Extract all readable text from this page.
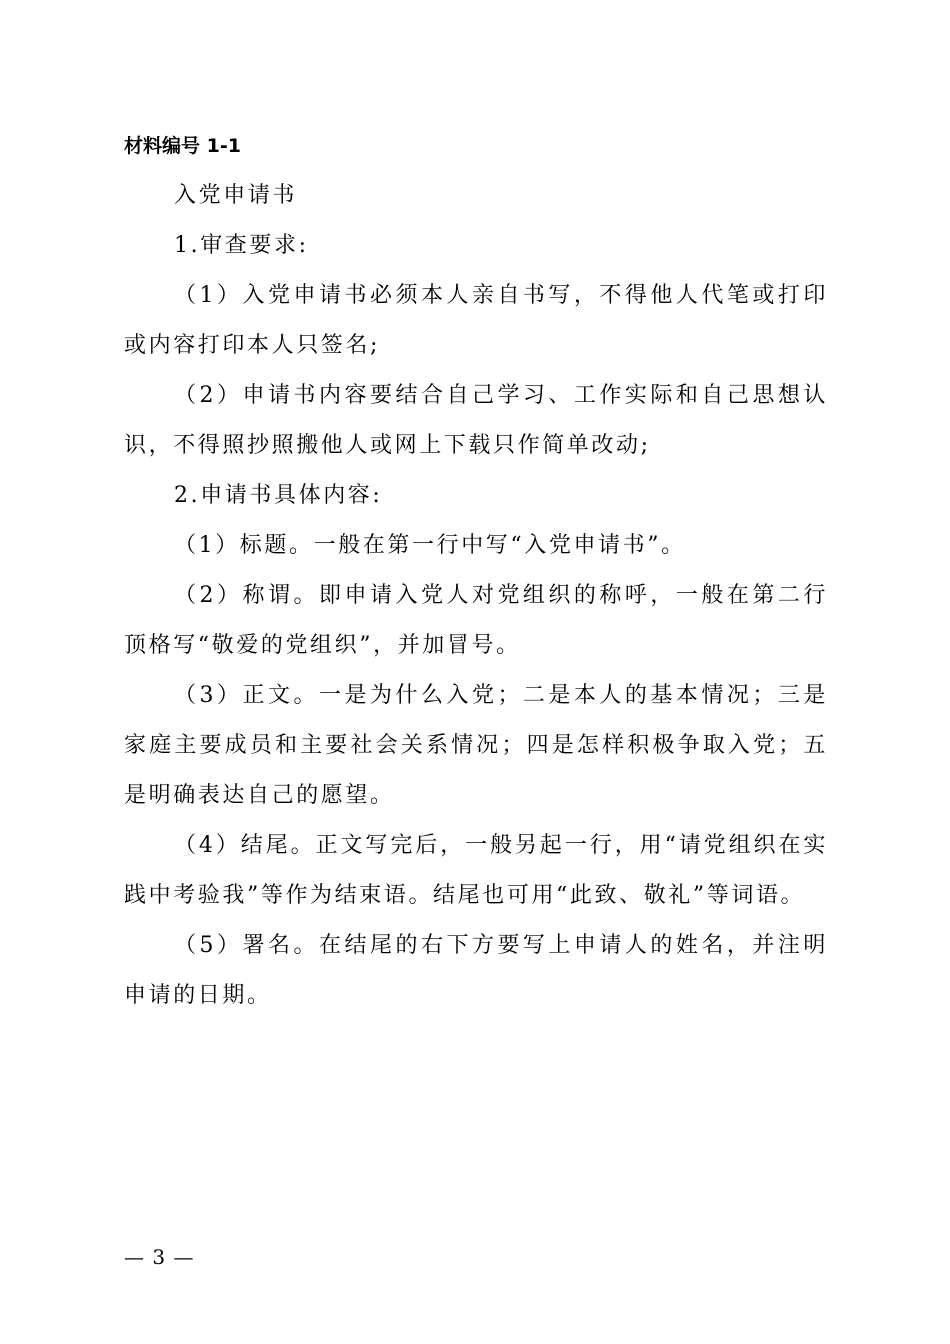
材料编号 1-1

入党申请书

1.审查要求:

（1）入党申请书必须本人亲自书写，不得他人代笔或打印或内容打印本人只签名;

（2）申请书内容要结合自己学习、工作实际和自己思想认识，不得照抄照搬他人或网上下载只作简单改动;

2.申请书具体内容:

（1）标题。一般在第一行中写“入党申请书”。

（2）称谓。即申请入党人对党组织的称呼，一般在第二行顶格写“敬爱的党组织”，并加冒号。

（3）正文。一是为什么入党；二是本人的基本情况；三是家庭主要成员和主要社会关系情况；四是怎样积极争取入党；五是明确表达自己的愿望。

（4）结尾。正文写完后，一般另起一行，用“请党组织在实践中考验我”等作为结束语。结尾也可用“此致、敬礼”等词语。

（5）署名。在结尾的右下方要写上申请人的姓名，并注明申请的日期。

— 3 —
